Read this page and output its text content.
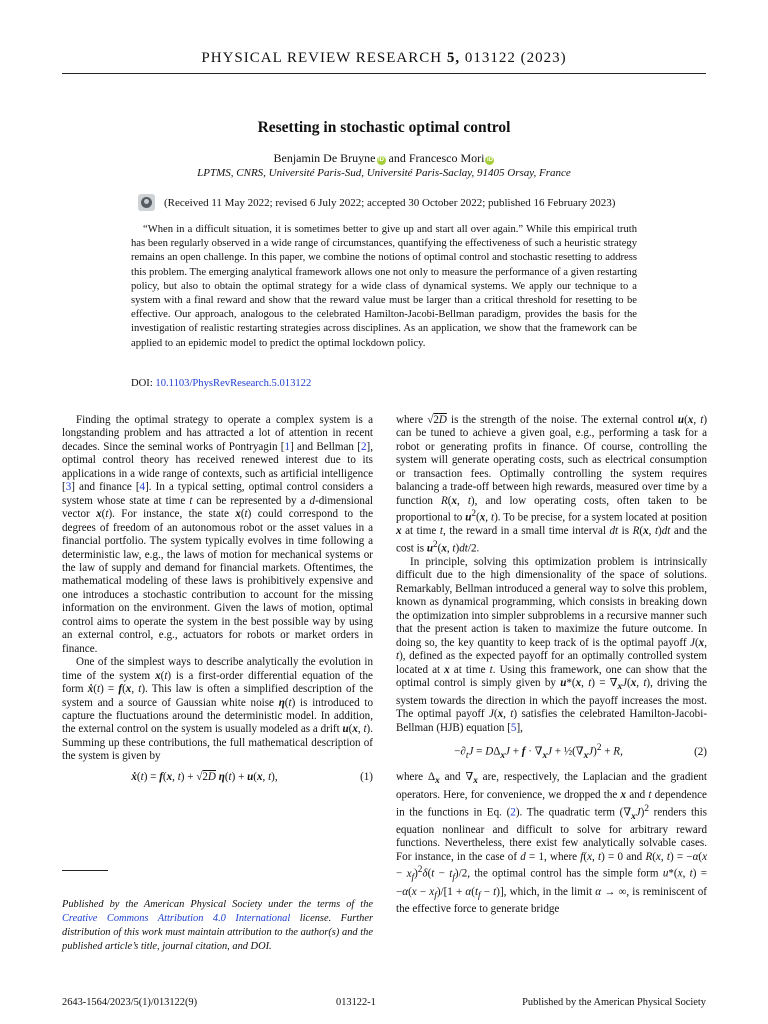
PHYSICAL REVIEW RESEARCH 5, 013122 (2023)
Resetting in stochastic optimal control
Benjamin De Bruyne iD and Francesco Mori iD
LPTMS, CNRS, Université Paris-Sud, Université Paris-Saclay, 91405 Orsay, France
(Received 11 May 2022; revised 6 July 2022; accepted 30 October 2022; published 16 February 2023)

“When in a difficult situation, it is sometimes better to give up and start all over again.” While this empirical truth has been regularly observed in a wide range of circumstances, quantifying the effectiveness of such a heuristic strategy remains an open challenge. In this paper, we combine the notions of optimal control and stochastic resetting to address this problem. The emerging analytical framework allows one not only to measure the performance of a given restarting policy, but also to obtain the optimal strategy for a wide class of dynamical systems. We apply our technique to a system with a final reward and show that the reward value must be larger than a critical threshold for resetting to be effective. Our approach, analogous to the celebrated Hamilton-Jacobi-Bellman paradigm, provides the basis for the investigation of realistic restarting strategies across disciplines. As an application, we show that the framework can be applied to an epidemic model to predict the optimal lockdown policy.

DOI: 10.1103/PhysRevResearch.5.013122

Finding the optimal strategy to operate a complex system is a longstanding problem and has attracted a lot of attention in recent decades. Since the seminal works of Pontryagin [1] and Bellman [2], optimal control theory has received renewed interest due to its applications in a wide range of contexts, such as artificial intelligence [3] and finance [4]. In a typical setting, optimal control considers a system whose state at time t can be represented by a d-dimensional vector x(t). For instance, the state x(t) could correspond to the degrees of freedom of an autonomous robot or the asset values in a financial portfolio. The system typically evolves in time following a deterministic law, e.g., the laws of motion for mechanical systems or the law of supply and demand for financial markets. Oftentimes, the mathematical modeling of these laws is prohibitively expensive and one introduces a stochastic contribution to account for the missing information on the environment. Given the laws of motion, optimal control aims to operate the system in the best possible way by using an external control, e.g., actuators for robots or market orders in finance.

One of the simplest ways to describe analytically the evolution in time of the system x(t) is a first-order differential equation of the form ẋ(t) = f(x, t). This law is often a simplified description of the system and a source of Gaussian white noise η(t) is introduced to capture the fluctuations around the deterministic model. In addition, the external control on the system is usually modeled as a drift u(x, t). Summing up these contributions, the full mathematical description of the system is given by

ẋ(t) = f(x, t) + √2D η(t) + u(x, t),	(1)
Published by the American Physical Society under the terms of the Creative Commons Attribution 4.0 International license. Further distribution of this work must maintain attribution to the author(s) and the published article’s title, journal citation, and DOI.

where √2D is the strength of the noise. The external control u(x, t) can be tuned to achieve a given goal, e.g., performing a task for a robot or generating profits in finance. Of course, controlling the system will generate operating costs, such as electrical consumption or transaction fees. Optimally controlling the system requires balancing a trade-off between high rewards, measured over time by a function R(x, t), and low operating costs, often taken to be proportional to $u^2(x$, t). To be precise, for a system located at position x at time t, the reward in a small time interval dt is R(x, t)dt and the cost is $u^2(x$, t)dt/2.

In principle, solving this optimization problem is intrinsically difficult due to the high dimensionality of the space of solutions. Remarkably, Bellman introduced a general way to solve this problem, known as dynamical programming, which consists in breaking down the optimization into simpler subproblems in a recursive manner such that the present action is taken to maximize the future outcome. In doing so, the key quantity to keep track of is the optimal payoff J(x, t), defined as the expected payoff for an optimally controlled system located at x at time t. Using this framework, one can show that the optimal control is simply given by u*(x, $t) = \nabla_xJ(x$, t), driving the system towards the direction in which the payoff increases the most. The optimal payoff J(x, t) satisfies the celebrated Hamilton-Jacobi-Bellman (HJB) equation [5],

$-\partial_tJ = D\Delta_xJ + f \cdot \nabla_xJ$ + $\frac{1}{2}(\nabla_xJ)^2 + R$,	(2)

where $\Delta_x$ and $\nabla_x$ are, respectively, the Laplacian and the gradient operators. Here, for convenience, we dropped the x and t dependence in the functions in Eq. (2). The quadratic term $(\nabla_xJ)^2$ renders this equation nonlinear and difficult to solve for arbitrary reward functions. Nevertheless, there exist few analytically solvable cases. For instance, in the case of d = 1, where f(x, t) = 0 and R(x, $t) = -\alpha(x - x_f)^2\delta(t - t_f)/2$, the optimal control has the simple form u*(x, $t) = -\alpha(x - x_f)/[1 + \alpha(t_f - t)]$, which, in the limit α → ∞, is reminiscent of the effective force to generate bridge

2643-1564/2023/5(1)/013122(9)	013122-1	Published by the American Physical Society
